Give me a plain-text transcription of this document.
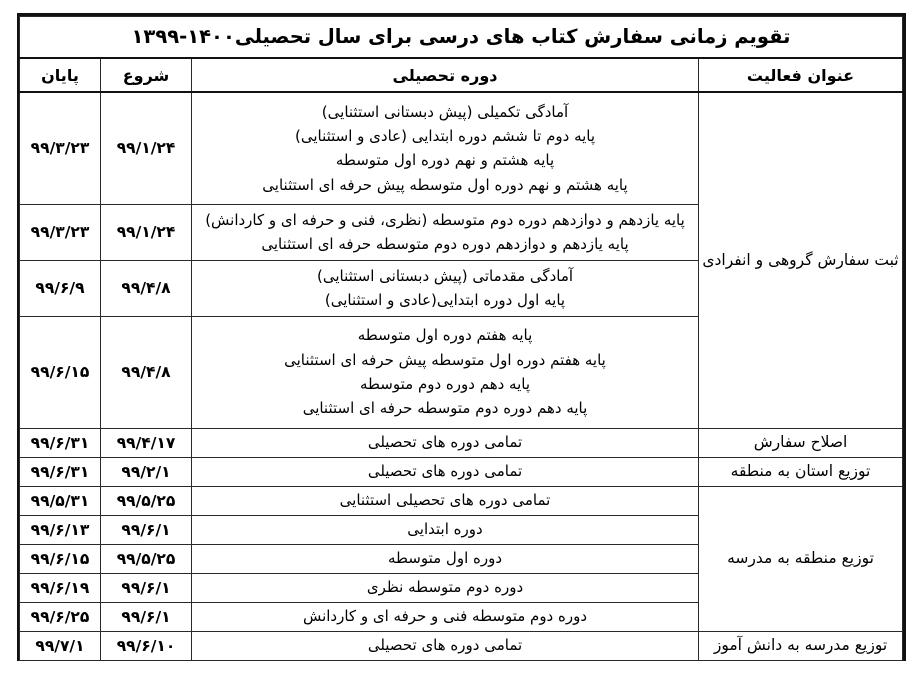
تقویم زمانی سفارش کتاب های درسی برای سال تحصیلی۱۴۰۰-۱۳۹۹			

عنوان فعالیت	دوره تحصیلی	شروع	پایان
ثبت سفارش گروهی و انفرادی	آمادگی تکمیلی (پیش دبستانی استثنایی)
پایه دوم تا ششم دوره ابتدایی (عادی و استثنایی)
پایه هشتم و نهم دوره اول متوسطه
پایه هشتم و نهم دوره اول متوسطه پیش حرفه ای استثنایی	۹۹/۱/۲۴	۹۹/۳/۲۳

	پایه یازدهم و دوازدهم دوره دوم متوسطه (نظری، فنی و حرفه ای و کاردانش)
پایه یازدهم و دوازدهم دوره دوم متوسطه حرفه ای استثنایی	۹۹/۱/۲۴	۹۹/۳/۲۳

	آمادگی مقدماتی (پیش دبستانی استثنایی)
پایه اول دوره ابتدایی(عادی و استثنایی)	۹۹/۴/۸	۹۹/۶/۹

	پایه هفتم دوره اول متوسطه
پایه هفتم دوره اول متوسطه پیش حرفه ای استثنایی
پایه دهم دوره دوم متوسطه
پایه دهم دوره دوم متوسطه حرفه ای استثنایی	۹۹/۴/۸	۹۹/۶/۱۵
اصلاح سفارش	تمامی دوره های تحصیلی	۹۹/۴/۱۷	۹۹/۶/۳۱
توزیع استان به منطقه	تمامی دوره های تحصیلی	۹۹/۲/۱	۹۹/۶/۳۱
توزیع منطقه به مدرسه	تمامی دوره های تحصیلی استثنایی	۹۹/۵/۲۵	۹۹/۵/۳۱

	دوره ابتدایی	۹۹/۶/۱	۹۹/۶/۱۳

	دوره اول متوسطه	۹۹/۵/۲۵	۹۹/۶/۱۵

	دوره دوم متوسطه نظری	۹۹/۶/۱	۹۹/۶/۱۹

	دوره دوم متوسطه فنی و حرفه ای و کاردانش	۹۹/۶/۱	۹۹/۶/۲۵
توزیع مدرسه به دانش آموز	تمامی دوره های تحصیلی	۹۹/۶/۱۰	۹۹/۷/۱
